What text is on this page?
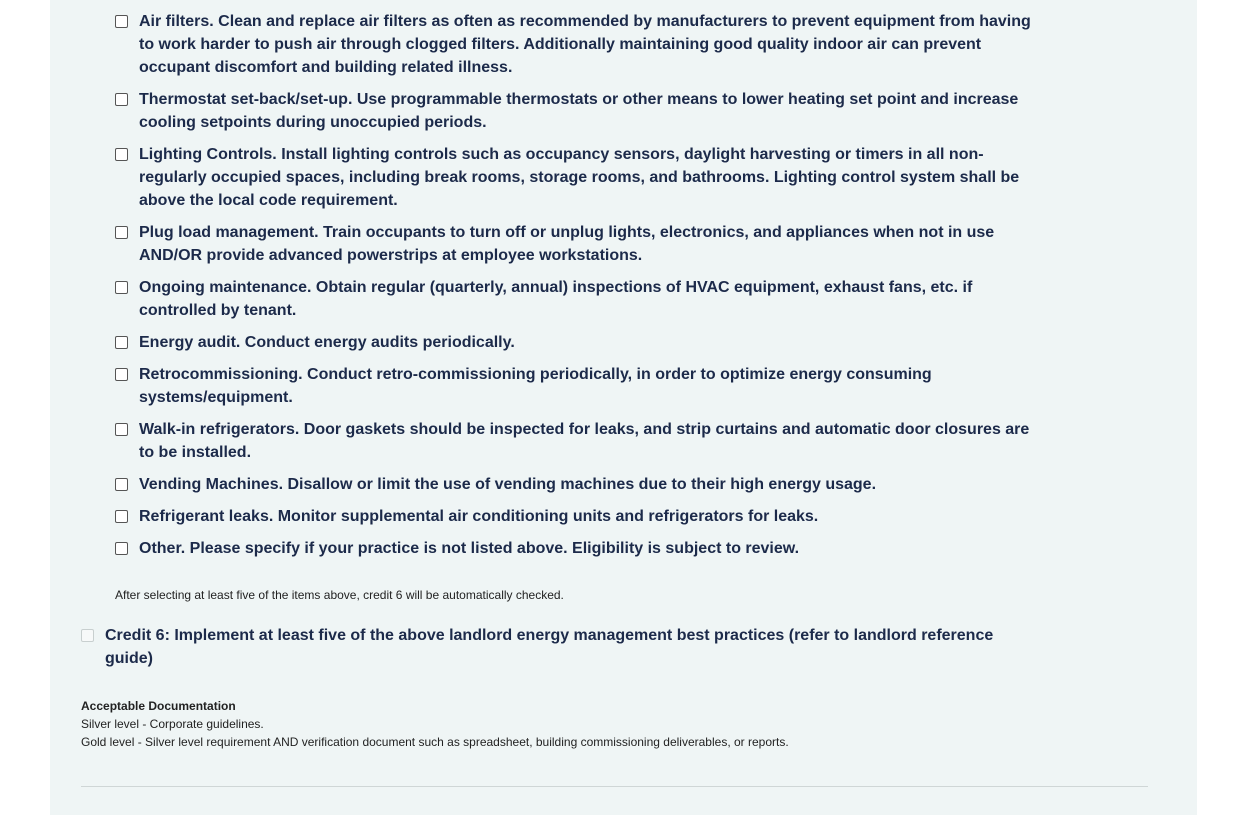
Air filters. Clean and replace air filters as often as recommended by manufacturers to prevent equipment from having to work harder to push air through clogged filters. Additionally maintaining good quality indoor air can prevent occupant discomfort and building related illness.
Thermostat set-back/set-up. Use programmable thermostats or other means to lower heating set point and increase cooling setpoints during unoccupied periods.
Lighting Controls. Install lighting controls such as occupancy sensors, daylight harvesting or timers in all non-regularly occupied spaces, including break rooms, storage rooms, and bathrooms. Lighting control system shall be above the local code requirement.
Plug load management. Train occupants to turn off or unplug lights, electronics, and appliances when not in use AND/OR provide advanced powerstrips at employee workstations.
Ongoing maintenance. Obtain regular (quarterly, annual) inspections of HVAC equipment, exhaust fans, etc. if controlled by tenant.
Energy audit. Conduct energy audits periodically.
Retrocommissioning. Conduct retro-commissioning periodically, in order to optimize energy consuming systems/equipment.
Walk-in refrigerators. Door gaskets should be inspected for leaks, and strip curtains and automatic door closures are to be installed.
Vending Machines. Disallow or limit the use of vending machines due to their high energy usage.
Refrigerant leaks. Monitor supplemental air conditioning units and refrigerators for leaks.
Other. Please specify if your practice is not listed above. Eligibility is subject to review.
After selecting at least five of the items above, credit 6 will be automatically checked.
Credit 6: Implement at least five of the above landlord energy management best practices (refer to landlord reference guide)
Acceptable Documentation
Silver level - Corporate guidelines.
Gold level - Silver level requirement AND verification document such as spreadsheet, building commissioning deliverables, or reports.
